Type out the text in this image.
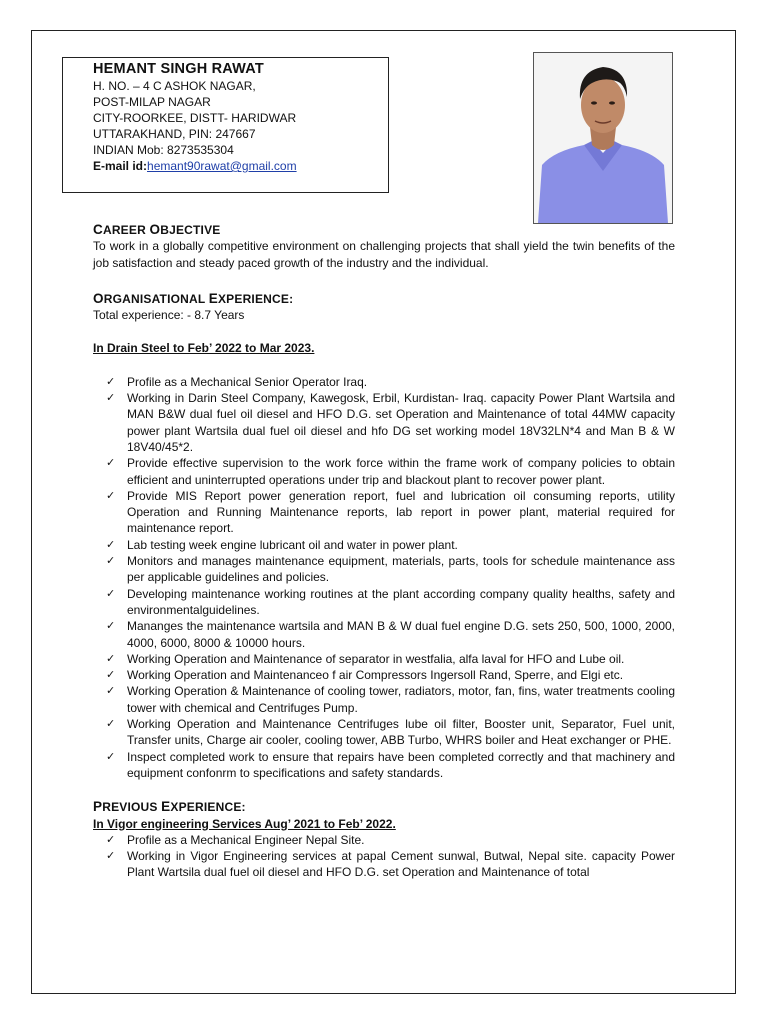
HEMANT SINGH RAWAT
H. NO. – 4 C ASHOK NAGAR,
POST-MILAP NAGAR
CITY-ROORKEE, DISTT- HARIDWAR
UTTARAKHAND, PIN: 247667
INDIAN Mob: 8273535304
E-mail id:hemant90rawat@gmail.com
CAREER OBJECTIVE
To work in a globally competitive environment on challenging projects that shall yield the twin benefits of the job satisfaction and steady paced growth of the industry and the individual.
ORGANISATIONAL EXPERIENCE:
Total experience: - 8.7 Years
In Drain Steel to Feb’ 2022 to Mar 2023.
✓ Profile as a Mechanical Senior Operator Iraq.
✓ Working in Darin Steel Company, Kawegosk, Erbil, Kurdistan- Iraq. capacity Power Plant Wartsila and MAN B&W dual fuel oil diesel and HFO D.G. set Operation and Maintenance of total 44MW capacity power plant Wartsila dual fuel oil diesel and hfo DG set working model 18V32LN*4 and Man B & W 18V40/45*2.
✓ Provide effective supervision to the work force within the frame work of company policies to obtain efficient and uninterrupted operations under trip and blackout plant to recover power plant.
✓ Provide MIS Report power generation report, fuel and lubrication oil consuming reports, utility Operation and Running Maintenance reports, lab report in power plant, material required for maintenance report.
✓ Lab testing week engine lubricant oil and water in power plant.
✓ Monitors and manages maintenance equipment, materials, parts, tools for schedule maintenance ass per applicable guidelines and policies.
✓ Developing maintenance working routines at the plant according company quality healths, safety and environmentalguidelines.
✓ Mananges the maintenance wartsila and MAN B & W dual fuel engine D.G. sets 250, 500, 1000, 2000, 4000, 6000, 8000 & 10000 hours.
✓ Working Operation and Maintenance of separator in westfalia, alfa laval for HFO and Lube oil.
✓ Working Operation and Maintenanceo f air Compressors Ingersoll Rand, Sperre, and Elgi etc.
✓ Working Operation & Maintenance of cooling tower, radiators, motor, fan, fins, water treatments cooling tower with chemical and Centrifuges Pump.
✓ Working Operation and Maintenance Centrifuges lube oil filter, Booster unit, Separator, Fuel unit, Transfer units, Charge air cooler, cooling tower, ABB Turbo, WHRS boiler and Heat exchanger or PHE.
✓ Inspect completed work to ensure that repairs have been completed correctly and that machinery and equipment confonrm to specifications and safety standards.
PREVIOUS EXPERIENCE:
In Vigor engineering Services Aug’ 2021 to Feb’ 2022.
✓ Profile as a Mechanical Engineer Nepal Site.
✓ Working in Vigor Engineering services at papal Cement sunwal, Butwal, Nepal site. capacity Power Plant Wartsila dual fuel oil diesel and HFO D.G. set Operation and Maintenance of total
